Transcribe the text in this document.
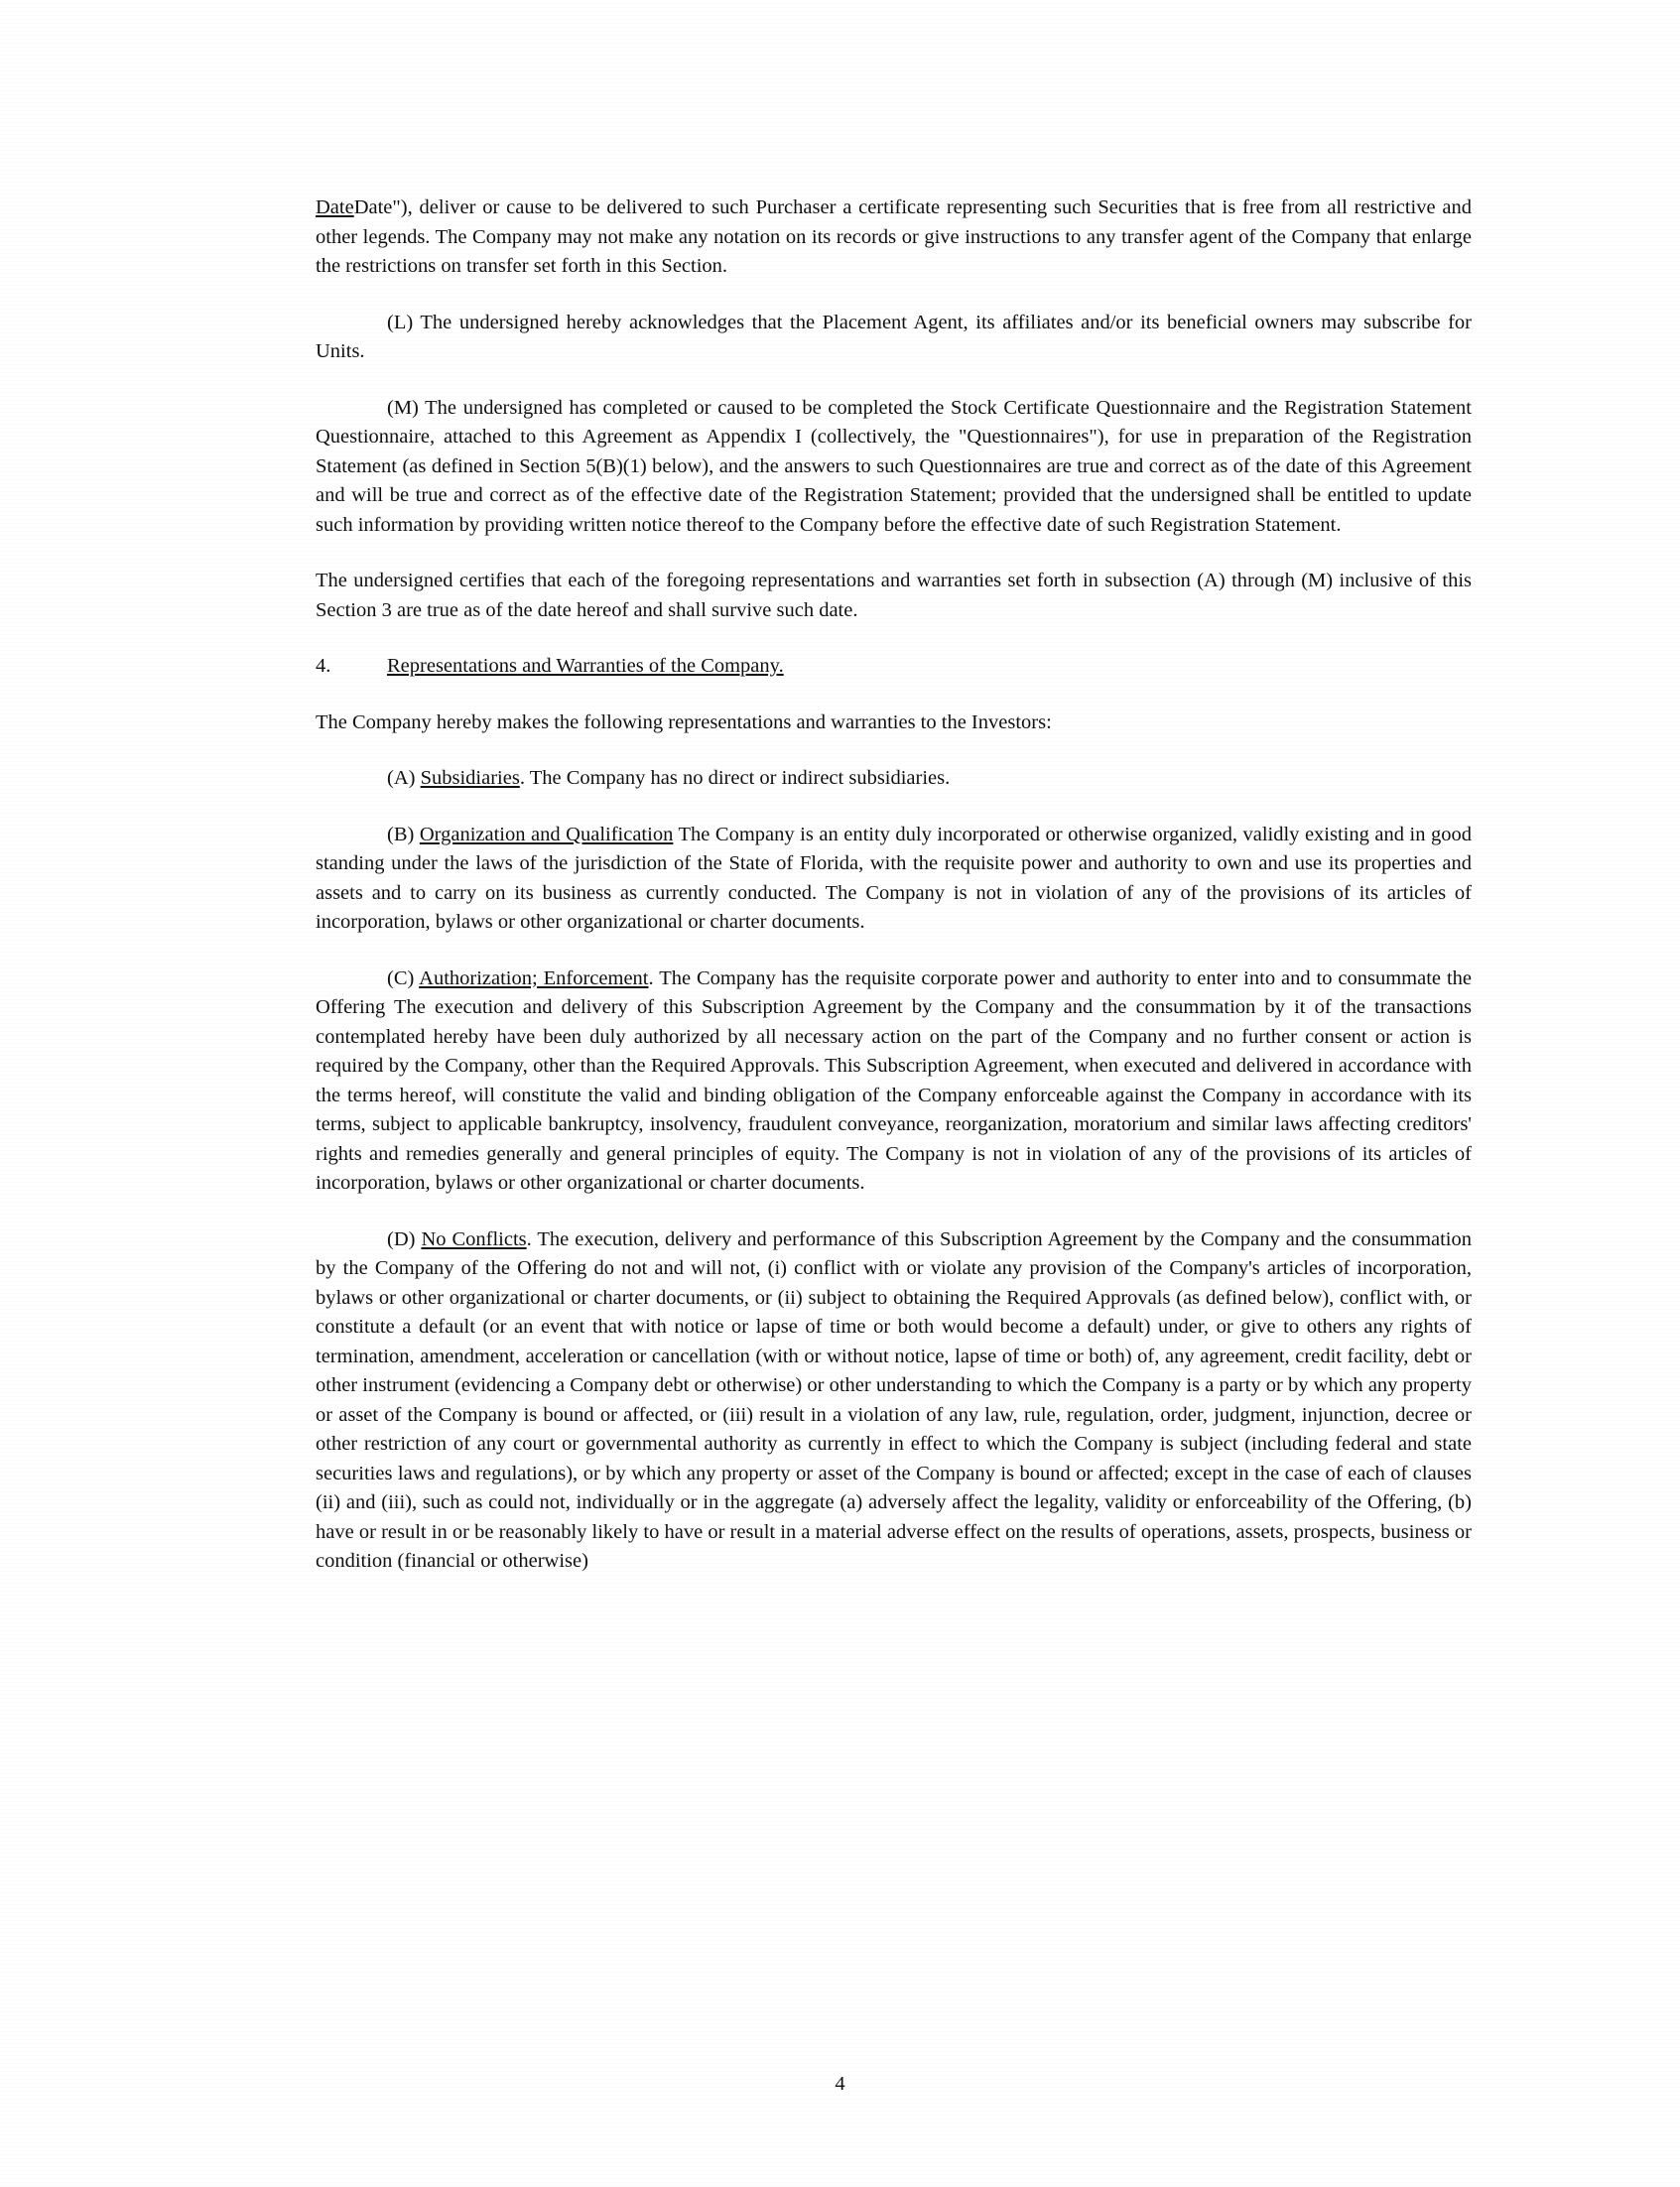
DateDate"), deliver or cause to be delivered to such Purchaser a certificate representing such Securities that is free from all restrictive and other legends. The Company may not make any notation on its records or give instructions to any transfer agent of the Company that enlarge the restrictions on transfer set forth in this Section.

(L) The undersigned hereby acknowledges that the Placement Agent, its affiliates and/or its beneficial owners may subscribe for Units.

(M) The undersigned has completed or caused to be completed the Stock Certificate Questionnaire and the Registration Statement Questionnaire, attached to this Agreement as Appendix I (collectively, the "Questionnaires"), for use in preparation of the Registration Statement (as defined in Section 5(B)(1) below), and the answers to such Questionnaires are true and correct as of the date of this Agreement and will be true and correct as of the effective date of the Registration Statement; provided that the undersigned shall be entitled to update such information by providing written notice thereof to the Company before the effective date of such Registration Statement.

The undersigned certifies that each of the foregoing representations and warranties set forth in subsection (A) through (M) inclusive of this Section 3 are true as of the date hereof and shall survive such date.

4.	Representations and Warranties of the Company.

The Company hereby makes the following representations and warranties to the Investors:

(A) Subsidiaries. The Company has no direct or indirect subsidiaries.

(B) Organization and Qualification The Company is an entity duly incorporated or otherwise organized, validly existing and in good standing under the laws of the jurisdiction of the State of Florida, with the requisite power and authority to own and use its properties and assets and to carry on its business as currently conducted. The Company is not in violation of any of the provisions of its articles of incorporation, bylaws or other organizational or charter documents.

(C) Authorization; Enforcement. The Company has the requisite corporate power and authority to enter into and to consummate the Offering The execution and delivery of this Subscription Agreement by the Company and the consummation by it of the transactions contemplated hereby have been duly authorized by all necessary action on the part of the Company and no further consent or action is required by the Company, other than the Required Approvals. This Subscription Agreement, when executed and delivered in accordance with the terms hereof, will constitute the valid and binding obligation of the Company enforceable against the Company in accordance with its terms, subject to applicable bankruptcy, insolvency, fraudulent conveyance, reorganization, moratorium and similar laws affecting creditors' rights and remedies generally and general principles of equity. The Company is not in violation of any of the provisions of its articles of incorporation, bylaws or other organizational or charter documents.

(D) No Conflicts. The execution, delivery and performance of this Subscription Agreement by the Company and the consummation by the Company of the Offering do not and will not, (i) conflict with or violate any provision of the Company's articles of incorporation, bylaws or other organizational or charter documents, or (ii) subject to obtaining the Required Approvals (as defined below), conflict with, or constitute a default (or an event that with notice or lapse of time or both would become a default) under, or give to others any rights of termination, amendment, acceleration or cancellation (with or without notice, lapse of time or both) of, any agreement, credit facility, debt or other instrument (evidencing a Company debt or otherwise) or other understanding to which the Company is a party or by which any property or asset of the Company is bound or affected, or (iii) result in a violation of any law, rule, regulation, order, judgment, injunction, decree or other restriction of any court or governmental authority as currently in effect to which the Company is subject (including federal and state securities laws and regulations), or by which any property or asset of the Company is bound or affected; except in the case of each of clauses (ii) and (iii), such as could not, individually or in the aggregate (a) adversely affect the legality, validity or enforceability of the Offering, (b) have or result in or be reasonably likely to have or result in a material adverse effect on the results of operations, assets, prospects, business or condition (financial or otherwise)

4
